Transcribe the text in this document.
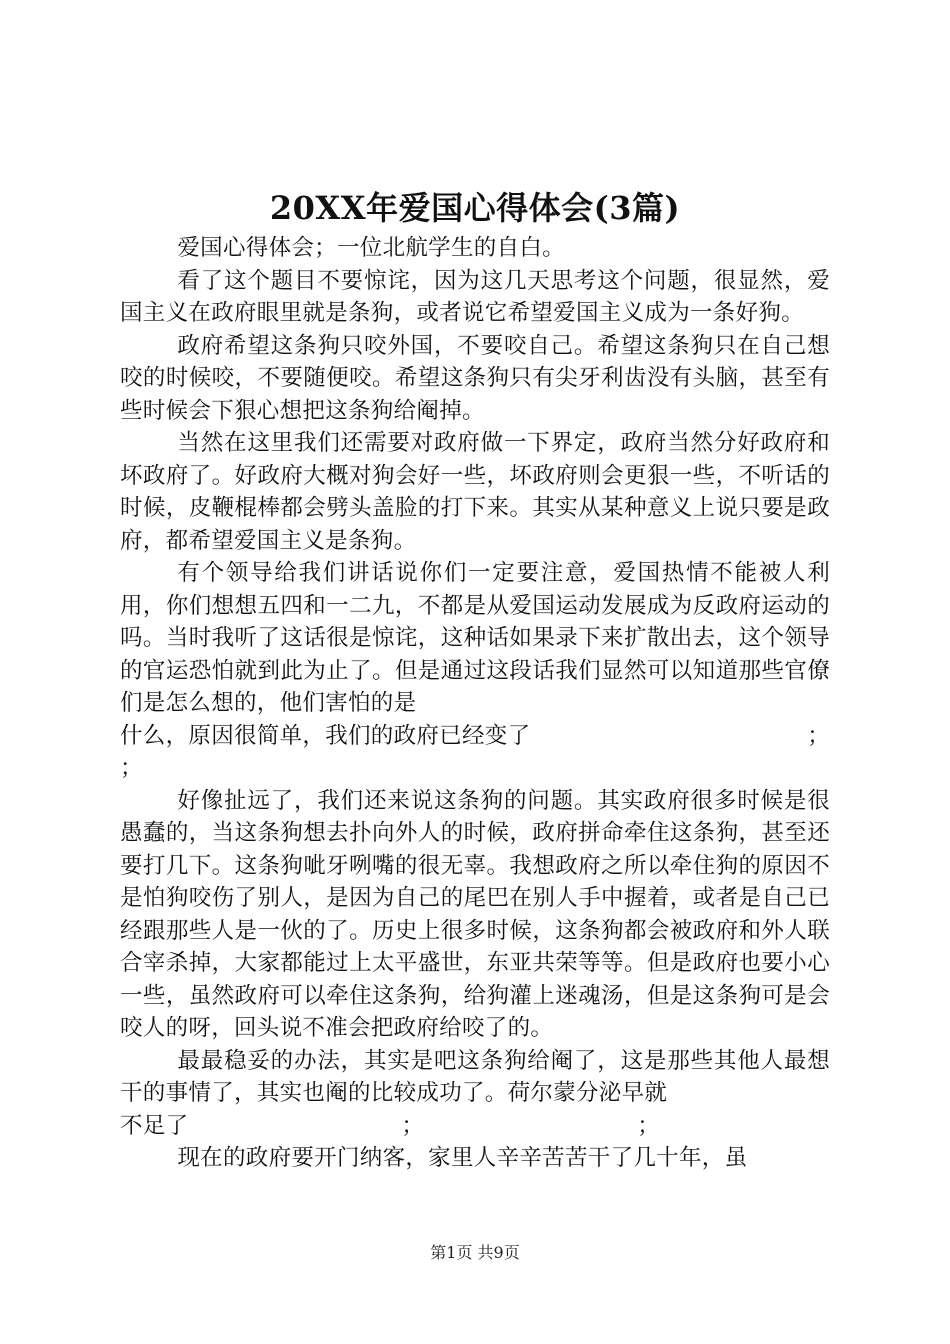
20XX年爱国心得体会(3篇)

爱国心得体会；一位北航学生的自白。

看了这个题目不要惊诧，因为这几天思考这个问题，很显然，爱国主义在政府眼里就是条狗，或者说它希望爱国主义成为一条好狗。

政府希望这条狗只咬外国，不要咬自己。希望这条狗只在自己想咬的时候咬，不要随便咬。希望这条狗只有尖牙利齿没有头脑，甚至有些时候会下狠心想把这条狗给阉掉。

当然在这里我们还需要对政府做一下界定，政府当然分好政府和坏政府了。好政府大概对狗会好一些，坏政府则会更狠一些，不听话的时候，皮鞭棍棒都会劈头盖脸的打下来。其实从某种意义上说只要是政府，都希望爱国主义是条狗。

有个领导给我们讲话说你们一定要注意，爱国热情不能被人利用，你们想想五四和一二九，不都是从爱国运动发展成为反政府运动的吗。当时我听了这话很是惊诧，这种话如果录下来扩散出去，这个领导的官运恐怕就到此为止了。但是通过这段话我们显然可以知道那些官僚们是怎么想的，他们害怕的是

什么，原因很简单，我们的政府已经变了	；
；

好像扯远了，我们还来说这条狗的问题。其实政府很多时候是很愚蠢的，当这条狗想去扑向外人的时候，政府拼命牵住这条狗，甚至还要打几下。这条狗呲牙咧嘴的很无辜。我想政府之所以牵住狗的原因不是怕狗咬伤了别人，是因为自己的尾巴在别人手中握着，或者是自己已经跟那些人是一伙的了。历史上很多时候，这条狗都会被政府和外人联合宰杀掉，大家都能过上太平盛世，东亚共荣等等。但是政府也要小心一些，虽然政府可以牵住这条狗，给狗灌上迷魂汤，但是这条狗可是会咬人的呀，回头说不准会把政府给咬了的。

最最稳妥的办法，其实是吧这条狗给阉了，这是那些其他人最想干的事情了，其实也阉的比较成功了。荷尔蒙分泌早就

不足了	；	；

现在的政府要开门纳客，家里人辛辛苦苦干了几十年，虽

第1页 共9页
